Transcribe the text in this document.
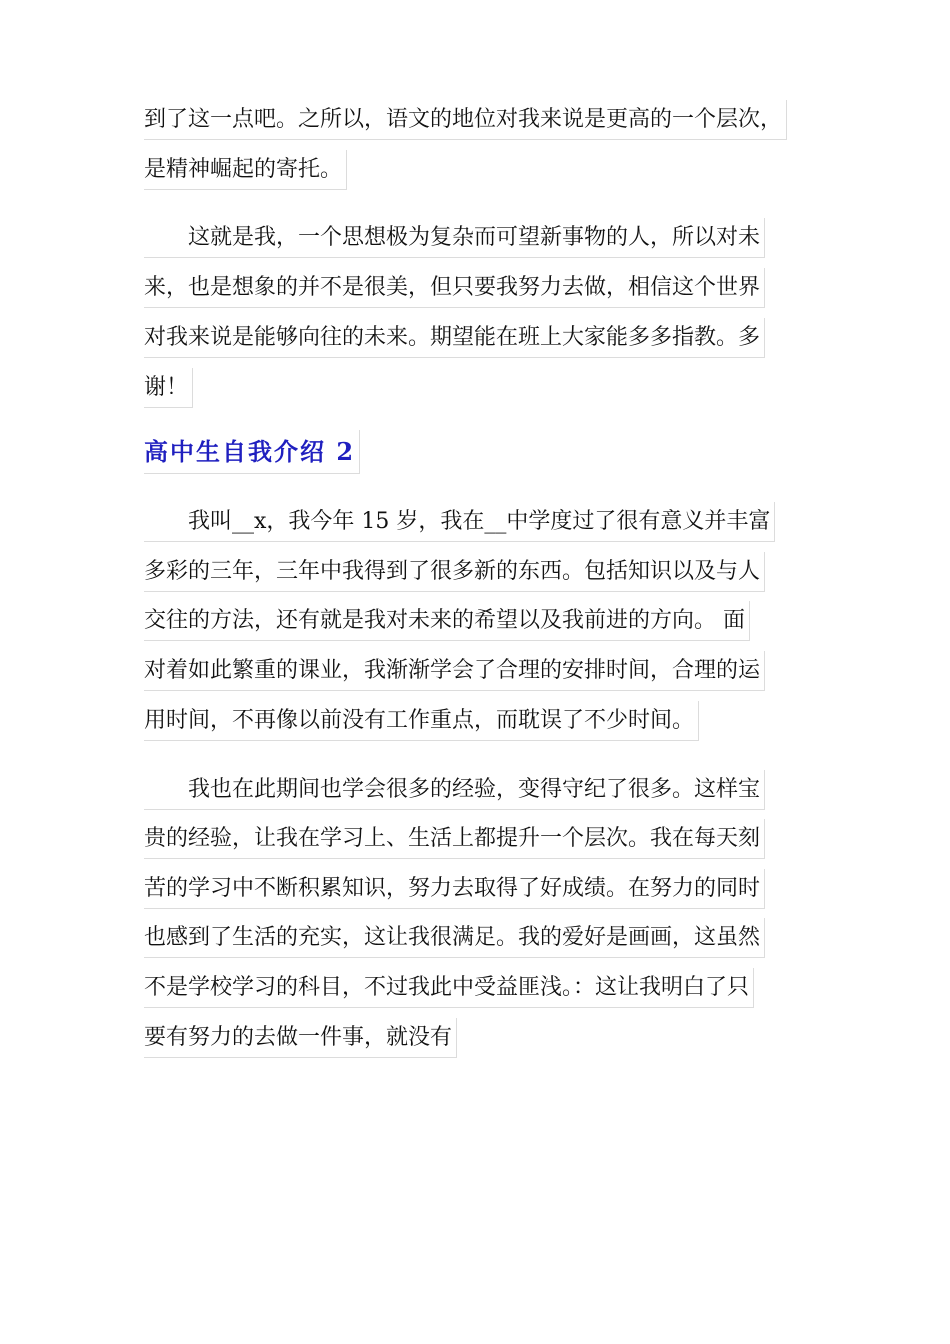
到了这一点吧。之所以，语文的地位对我来说是更高的一个层次，
是精神崛起的寄托。
　　这就是我，一个思想极为复杂而可望新事物的人，所以对未
来，也是想象的并不是很美，但只要我努力去做，相信这个世界
对我来说是能够向往的未来。期望能在班上大家能多多指教。多
谢！
高中生自我介绍 2
　　我叫__x，我今年 15 岁，我在__中学度过了很有意义并丰富
多彩的三年，三年中我得到了很多新的东西。包括知识以及与人
交往的方法，还有就是我对未来的希望以及我前进的方向。 面
对着如此繁重的课业，我渐渐学会了合理的安排时间，合理的运
用时间，不再像以前没有工作重点，而耽误了不少时间。
　　我也在此期间也学会很多的经验，变得守纪了很多。这样宝
贵的经验，让我在学习上、生活上都提升一个层次。我在每天刻
苦的学习中不断积累知识，努力去取得了好成绩。在努力的同时
也感到了生活的充实，这让我很满足。我的爱好是画画，这虽然
不是学校学习的科目，不过我此中受益匪浅。：这让我明白了只
要有努力的去做一件事，就没有
